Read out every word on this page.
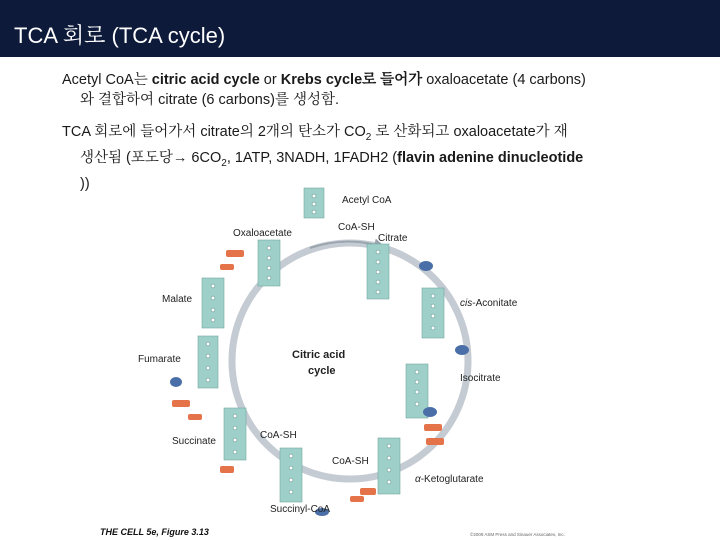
TCA 회로 (TCA cycle)
Acetyl CoA는 citric acid cycle or Krebs cycle로 들어가 oxaloacetate (4 carbons)
와 결합하여 citrate (6 carbons)를 생성함.
TCA 회로에 들어가서 citrate의 2개의 탄소가 $CO_2$ 로 산화되고 oxaloacetate가 재
생산됨 (포도당→ $6CO_2$, 1ATP, 3NADH, 1FADH2 (flavin adenine dinucleotide
))
Acetyl CoA
Oxaloacetate	Citrate
cis-Aconitate
Isocitrate
Malate
Fumarate
Succinate
Succinyl-CoA
α-Ketoglutarate
Citric acid
cycle
CoA-SH
CoA-SH
CoA-SH
THE CELL 5e, Figure 3.13	©2009 ASM Press and Sinauer Associates, Inc.
